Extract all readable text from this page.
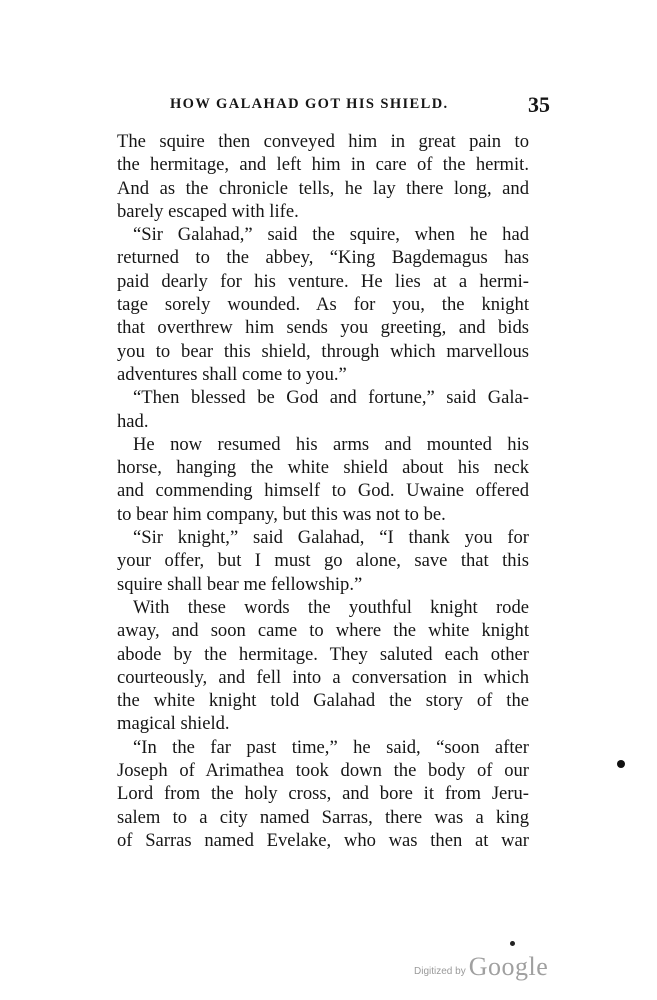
HOW GALAHAD GOT HIS SHIELD.	35
The squire then conveyed him in great pain to
the hermitage, and left him in care of the hermit.
And as the chronicle tells, he lay there long, and
barely escaped with life.
“Sir Galahad,” said the squire, when he had
returned to the abbey, “King Bagdemagus has
paid dearly for his venture. He lies at a hermi-
tage sorely wounded. As for you, the knight
that overthrew him sends you greeting, and bids
you to bear this shield, through which marvellous
adventures shall come to you.”
“Then blessed be God and fortune,” said Gala-
had.
He now resumed his arms and mounted his
horse, hanging the white shield about his neck
and commending himself to God. Uwaine offered
to bear him company, but this was not to be.
“Sir knight,” said Galahad, “I thank you for
your offer, but I must go alone, save that this
squire shall bear me fellowship.”
With these words the youthful knight rode
away, and soon came to where the white knight
abode by the hermitage. They saluted each other
courteously, and fell into a conversation in which
the white knight told Galahad the story of the
magical shield.
“In the far past time,” he said, “soon after
Joseph of Arimathea took down the body of our
Lord from the holy cross, and bore it from Jeru-
salem to a city named Sarras, there was a king
of Sarras named Evelake, who was then at war
Digitized by Google
